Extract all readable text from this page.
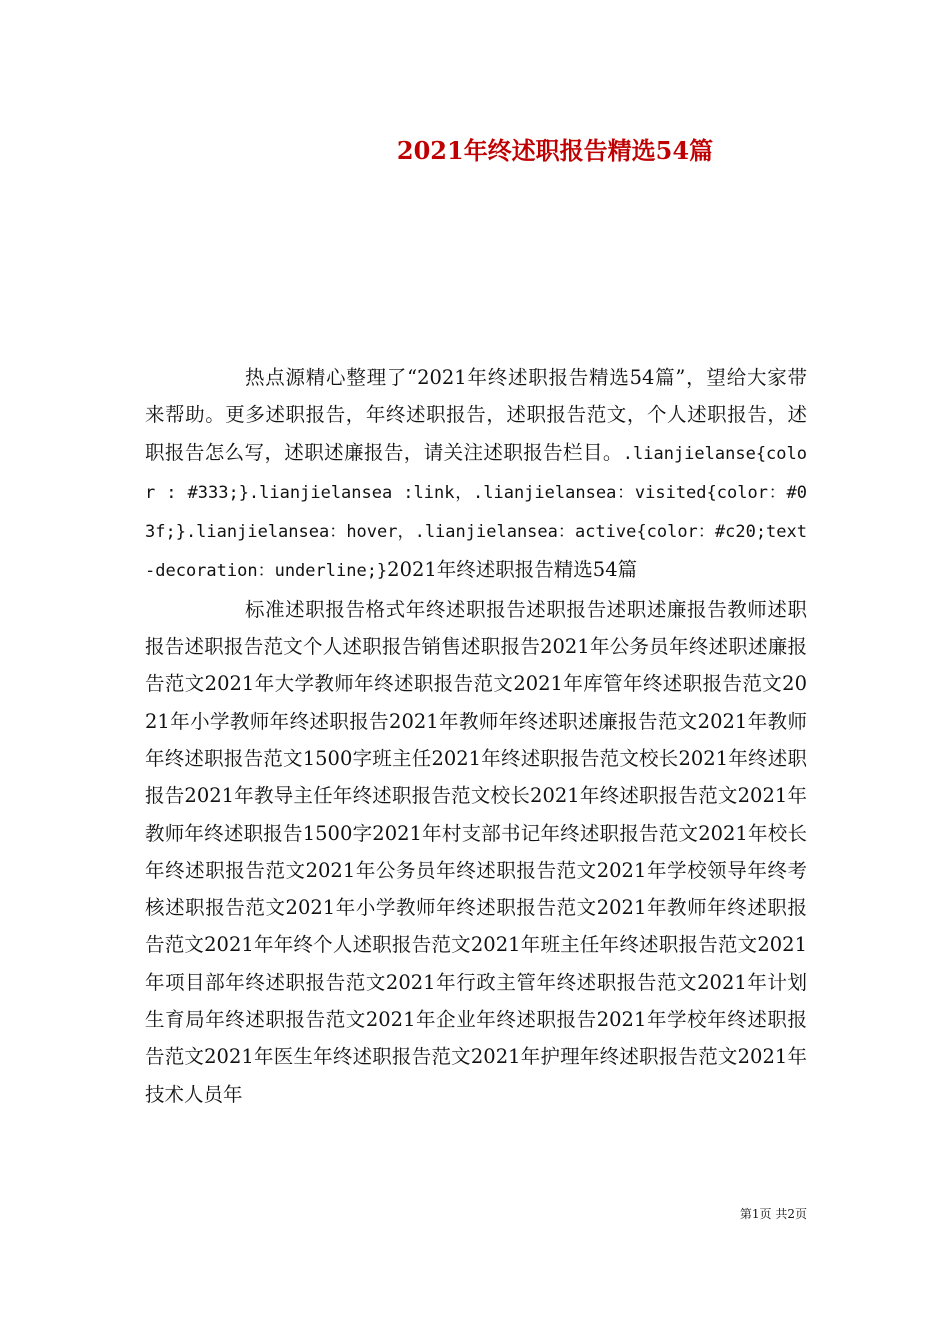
2021年终述职报告精选54篇

热点源精心整理了“2021年终述职报告精选54篇”，望给大家带来帮助。更多述职报告，年终述职报告，述职报告范文，个人述职报告，述职报告怎么写，述职述廉报告，请关注述职报告栏目。.lianjielanse{color : #333;}.lianjielansea :link，.lianjielansea：visited{color：#03f;}.lianjielansea：hover，.lianjielansea：active{color：#c20;text-decoration：underline;}2021年终述职报告精选54篇

标准述职报告格式年终述职报告述职报告述职述廉报告教师述职报告述职报告范文个人述职报告销售述职报告2021年公务员年终述职述廉报告范文2021年大学教师年终述职报告范文2021年库管年终述职报告范文2021年小学教师年终述职报告2021年教师年终述职述廉报告范文2021年教师年终述职报告范文1500字班主任2021年终述职报告范文校长2021年终述职报告2021年教导主任年终述职报告范文校长2021年终述职报告范文2021年教师年终述职报告1500字2021年村支部书记年终述职报告范文2021年校长年终述职报告范文2021年公务员年终述职报告范文2021年学校领导年终考核述职报告范文2021年小学教师年终述职报告范文2021年教师年终述职报告范文2021年年终个人述职报告范文2021年班主任年终述职报告范文2021年项目部年终述职报告范文2021年行政主管年终述职报告范文2021年计划生育局年终述职报告范文2021年企业年终述职报告2021年学校年终述职报告范文2021年医生年终述职报告范文2021年护理年终述职报告范文2021年技术人员年

第1页 共2页
